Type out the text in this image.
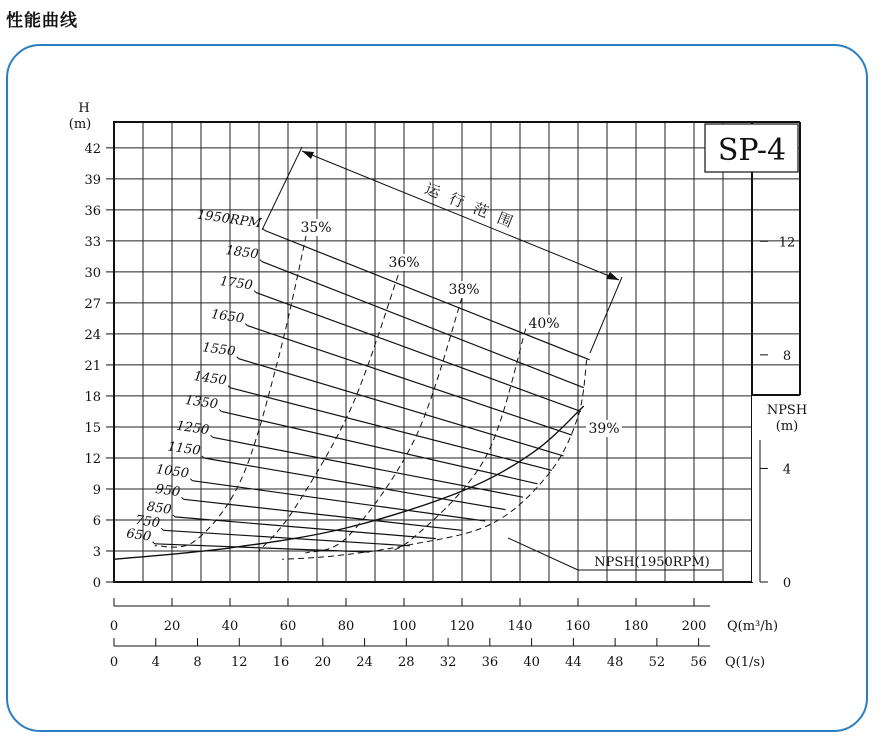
性能曲线
SP-4
H
(m)
0
3
6
9
12
15
18
21
24
27
30
33
36
39
42
NPSH
(m)
0
4
8
12
0	20	40	60	80	100	120	140	160	180	200 Q(m³/h)
0	4	8 12 16 20 24 28 32 36 40 44 48 52 56 Q(1/s)
运行范围
1950RPM
1850
1750
1650
1550
1450
1350
1250
1150
1050
950
850
750
650
35%
36%
38%
40%
39%
NPSH(1950RPM)
